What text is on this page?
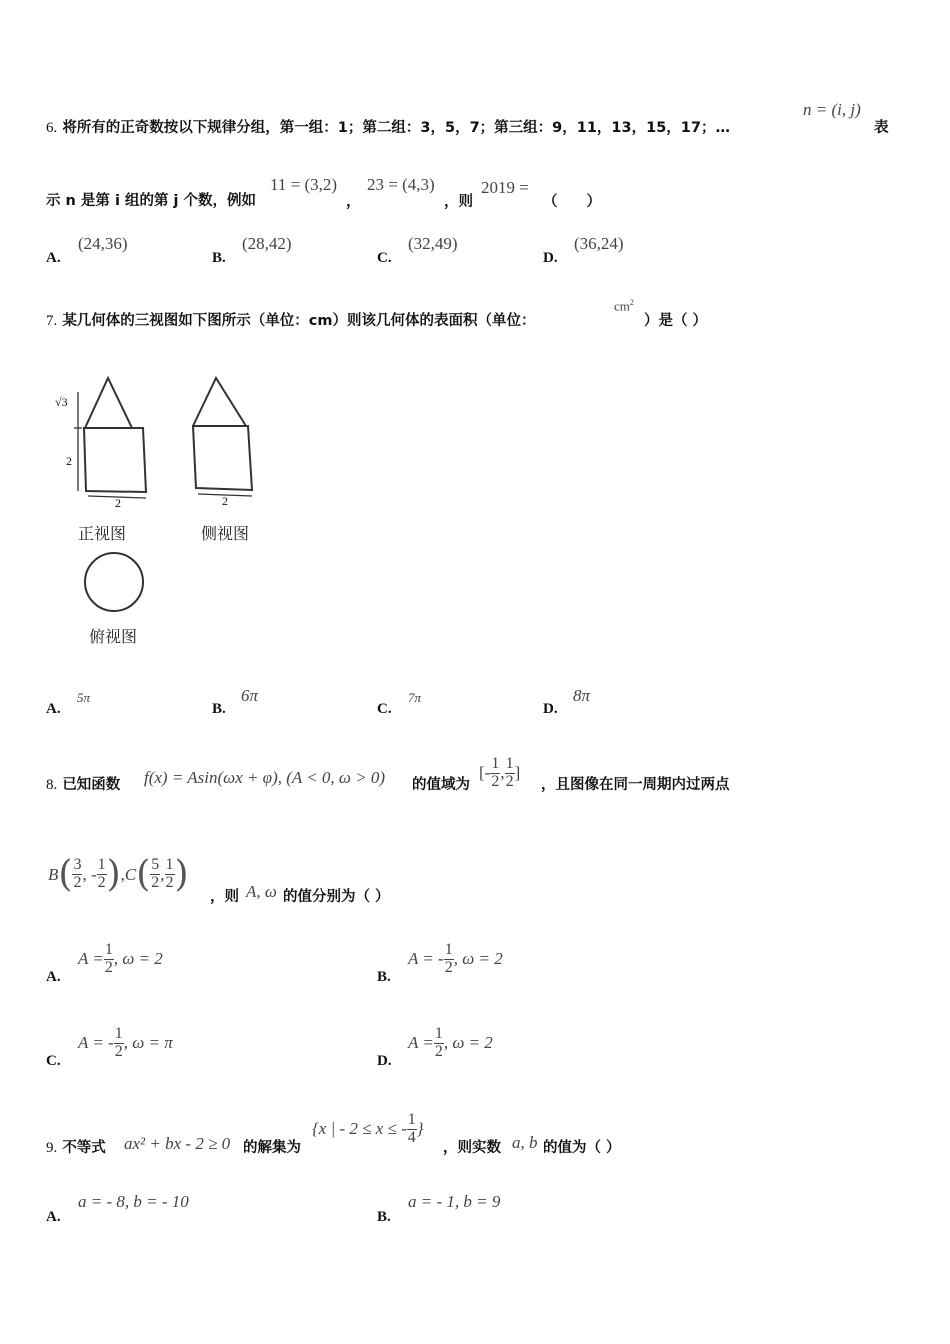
6. 将所有的正奇数按以下规律分组，第一组：1；第二组：3，5，7；第三组：9，11，13，15，17；…
n = (i, j)
表
示 n 是第 i 组的第 j 个数，例如
11 = (3,2)
，
23 = (4,3)
，则
2019 =
（　　）
A.
(24,36)
B.
(28,42)
C.
(32,49)
D.
(36,24)
7. 某几何体的三视图如下图所示（单位：cm）则该几何体的表面积（单位：
$cm^2$
）是（ ）
√3
2
2	2
正视图	侧视图
俯视图
A.
5π
B.
6π
C.
7π
D.
8π
8. 已知函数 f(x) = Asin(ωx + φ), (A < 0, ω > 0) 的值域为
[- $\frac{1}{2}$ , $\frac{1}{2}$ ]
，且图像在同一周期内过两点
B ( $\frac{3}{2}$ , - $\frac{1}{2}$ ) , C ( $\frac{5}{2}$ , $\frac{1}{2}$ )
，则 A, ω 的值分别为（ ）
A.
$A = \frac{1}{2}$ , ω = 2
B.
A = - $\frac{1}{2}$ , ω = 2
C.
A = - $\frac{1}{2}$ , ω = π
D.
$A = \frac{1}{2}$ , ω = 2
9. 不等式 ax² + bx - 2 ≥ 0 的解集为
{x | - 2 ≤ x ≤ - $\frac{1}{4}$ }
，则实数 a, b 的值为（ ）
A.
a = - 8, b = - 10
B.
a = - 1, b = 9
